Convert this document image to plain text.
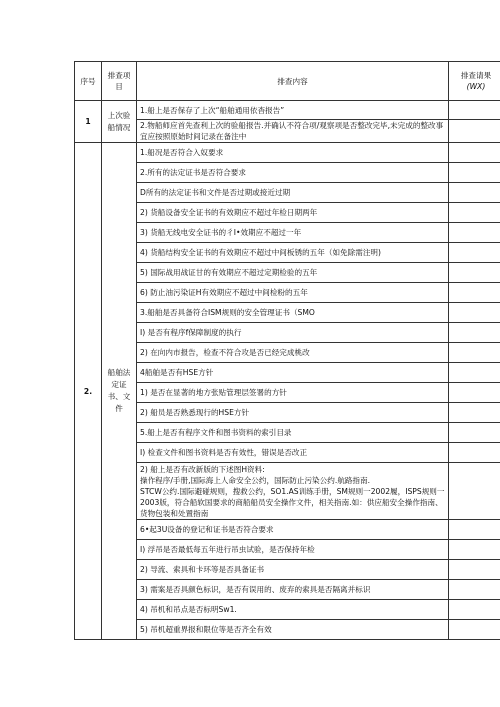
序号	排查项目	排查内容	排查请果
(WX)

1	上次验船情况	1.船上是否保存了上次“船舶通用依杳报告”	
		2.物船师应首先查利上次的验船报告.并确认不符合项/观察项是否整改完毕,未完成的整改事宜应按照原始时间记录在备注中	
2.	船舶法定证书、文件	1.船况是否符合入奴要求	
		2.所有的法定证书是否符合要求	
		D所有的法定证书和文件是否过期或接近过期	
		2) 货船设备安全证书的有效期应不超过年检日期两年	
		3) 货船无线电安全证书的彳I•效期应不超过一年	
		4) 货船结构安全证书的有效期应不超过中间板锈的五年（如免除需注明)	
		5) 国际战用战证甘的有效期应不超过定期检验的五年	
		6) 防止油污染证H有效期应不超过中间检粉的五年	
		3.船舶是否具备符合ISM规则的安全管理证书（SMO	
		I) 是否有程序f保障制度的执行	
		2) 在向内市报告，检查不符合攻是否已经完成桃改	
		4船舶是否有HSE方针	
		1) 是否在显著的地方张贴管理层签署的方针	
		2) 船员是否熟悉现行的HSE方针	
		5.船上是否有程序文件和图书资料的索引目录	
		I) 检查文件和图书资料是否有效性，错误是否改正	
		2) 船上是否有改新版的下述图H资料:
操作程序/手册,国际海上人命安全公约，国际防止污染公约.航路指南.
STCW公约.国际避碰规则，搜救公约，SO1.AS训练手册，SM规则一2002履，ISPS规则一2003版，符合船软国要求的商船船员安全操作文件，相关指南.如：供应船安全操作指南、货物包装和处置指南	
		6•起3U设备的登记和证书是否符合要求	
		I) 浮吊是否最低每五年进行吊虫试验，是否保持年检	
		2) 导流、索具和卡环等是否具备证书	
		3) 需案是否具颜色标识，是否有误用的、废弃的索具是否隔离并标识	
		4) 吊机和吊点是否标明Sw1.	
		5) 吊机超重界报和限位等是否齐全有效	
